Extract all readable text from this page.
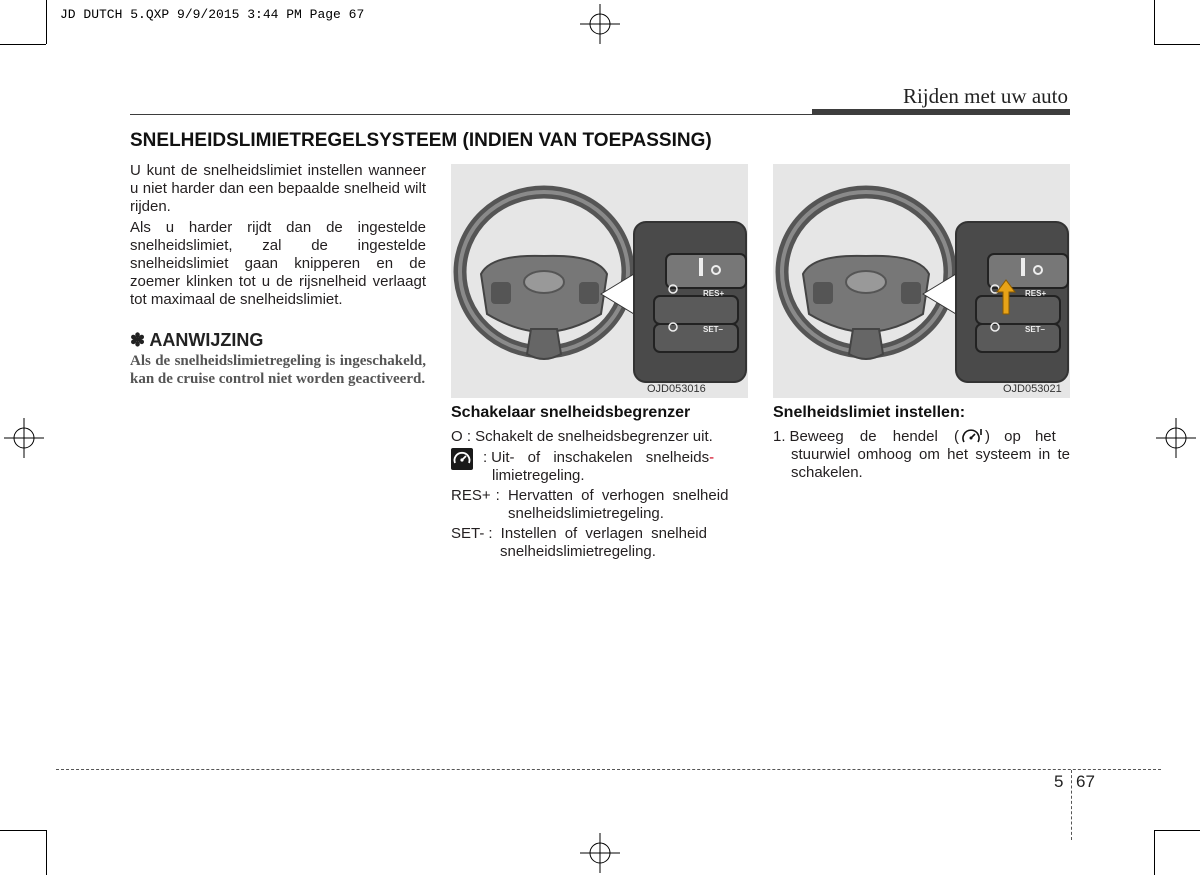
JD DUTCH 5.QXP 9/9/2015 3:44 PM Page 67
Rijden met uw auto
SNELHEIDSLIMIETREGELSYSTEEM (INDIEN VAN TOEPASSING)

U kunt de snelheidslimiet instellen wanneer u niet harder dan een bepaalde snelheid wilt rijden.

Als u harder rijdt dan de ingestelde snelheidslimiet, zal de ingestelde snelheidslimiet gaan knipperen en de zoemer klinken tot u de rijsnelheid verlaagt tot maximaal de snelheidslimiet.

✽ AANWIJZING
Als de snelheidslimietregeling is ingeschakeld, kan de cruise control niet worden geactiveerd.
RES+
SET–
OJD053016
RES+
SET–
OJD053021
Schakelaar snelheidsbegrenzer
O : Schakelt de snelheidsbegrenzer uit.
: Uit- of inschakelen snelheids -
limietregeling.
RES+ : Hervatten of verhogen snelheid
snelheidslimietregeling.
SET- : Instellen of verlagen snelheid
snelheidslimietregeling.
Snelheidslimiet instellen:
1. Beweeg de hendel ( ) op het
stuurwiel omhoog om het systeem in te schakelen.
5 67
